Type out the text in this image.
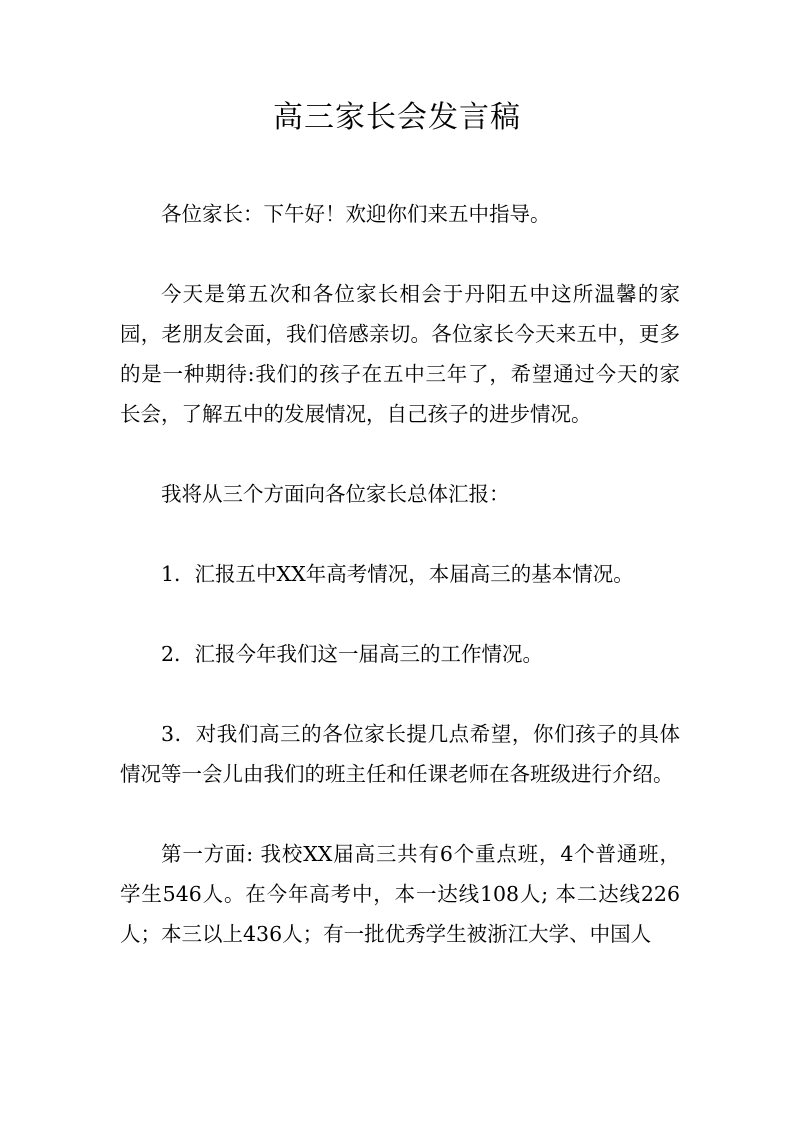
高三家长会发言稿

各位家长：下午好！欢迎你们来五中指导。

今天是第五次和各位家长相会于丹阳五中这所温馨的家园，老朋友会面，我们倍感亲切。各位家长今天来五中，更多的是一种期待:我们的孩子在五中三年了，希望通过今天的家长会，了解五中的发展情况，自己孩子的进步情况。

我将从三个方面向各位家长总体汇报：

1．汇报五中XX年高考情况，本届高三的基本情况。

2．汇报今年我们这一届高三的工作情况。

3．对我们高三的各位家长提几点希望，你们孩子的具体情况等一会儿由我们的班主任和任课老师在各班级进行介绍。

第一方面: 我校XX届高三共有6个重点班，4个普通班，学生546人。在今年高考中，本一达线108人; 本二达线226人；本三以上436人；有一批优秀学生被浙江大学、中国人
